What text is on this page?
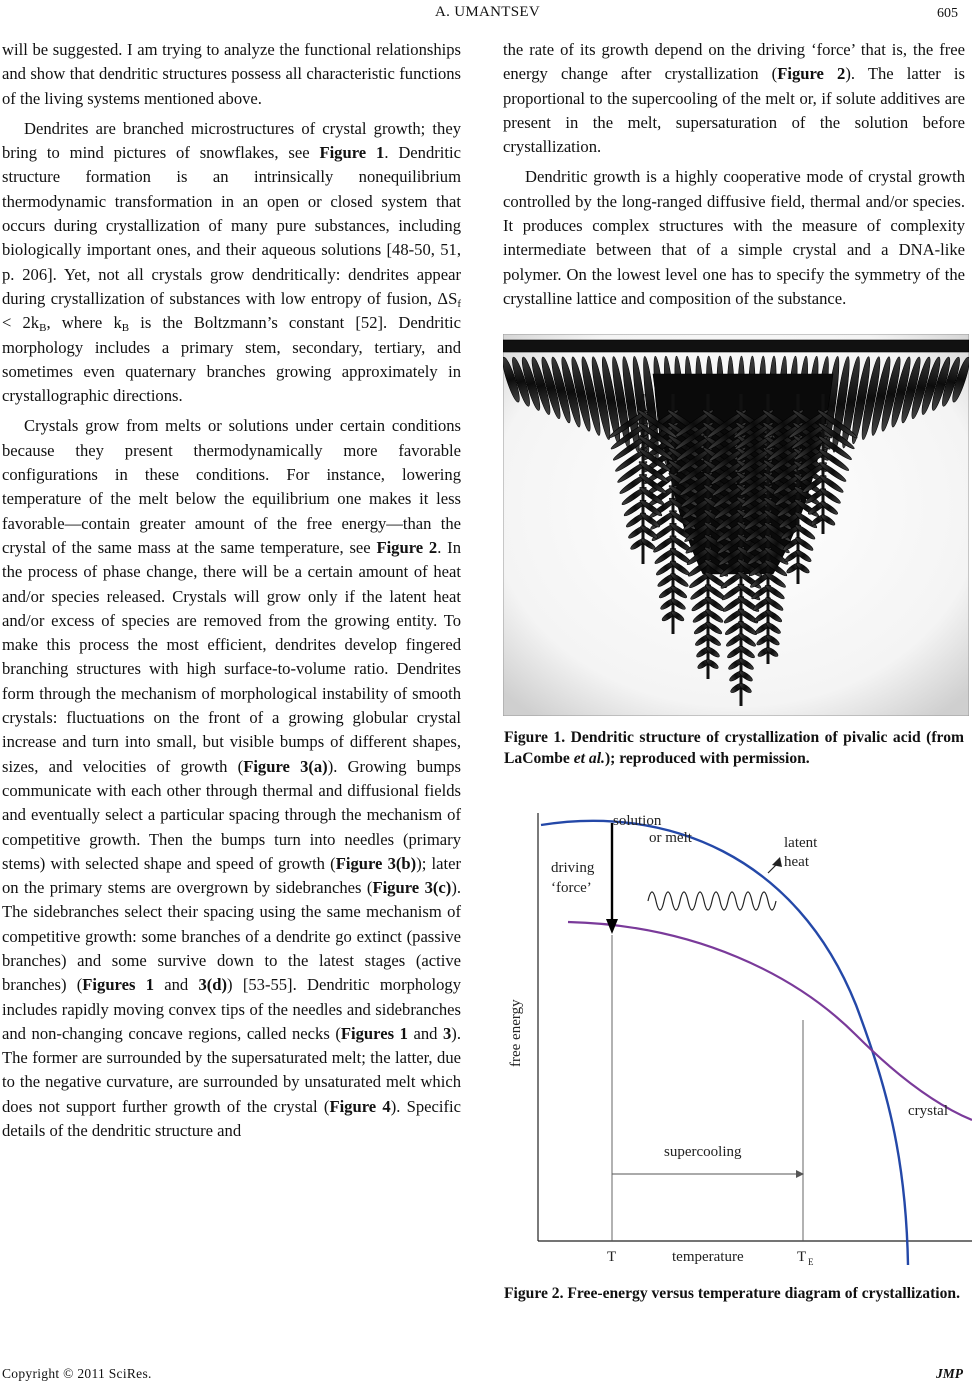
A. UMANTSEV	605

will be suggested. I am trying to analyze the functional relationships and show that dendritic structures possess all characteristic functions of the living systems mentioned above.

Dendrites are branched microstructures of crystal growth; they bring to mind pictures of snowflakes, see Figure 1. Dendritic structure formation is an intrinsically nonequilibrium thermodynamic transformation in an open or closed system that occurs during crystallization of many pure substances, including biologically important ones, and their aqueous solutions [48-50, 51, p. 206]. Yet, not all crystals grow dendritically: dendrites appear during crystallization of substances with low entropy of fusion, $\Delta S_f < 2k_B$, where $k_B$ is the Boltzmann’s constant [52]. Dendritic morphology includes a primary stem, secondary, tertiary, and sometimes even quaternary branches growing approximately in crystallographic directions.

Crystals grow from melts or solutions under certain conditions because they present thermodynamically more favorable configurations in these conditions. For instance, lowering temperature of the melt below the equilibrium one makes it less favorable—contain greater amount of the free energy—than the crystal of the same mass at the same temperature, see Figure 2. In the process of phase change, there will be a certain amount of heat and/or species released. Crystals will grow only if the latent heat and/or excess of species are removed from the growing entity. To make this process the most efficient, dendrites develop fingered branching structures with high surface-to-volume ratio. Dendrites form through the mechanism of morphological instability of smooth crystals: fluctuations on the front of a growing globular crystal increase and turn into small, but visible bumps of different shapes, sizes, and velocities of growth (Figure 3(a)). Growing bumps communicate with each other through thermal and diffusional fields and eventually select a particular spacing through the mechanism of competitive growth. Then the bumps turn into needles (primary stems) with selected shape and speed of growth (Figure 3(b)); later on the primary stems are overgrown by sidebranches (Figure 3(c)). The sidebranches select their spacing using the same mechanism of competitive growth: some branches of a dendrite go extinct (passive branches) and some survive down to the latest stages (active branches) (Figures 1 and 3(d)) [53-55]. Dendritic morphology includes rapidly moving convex tips of the needles and sidebranches and non-changing concave regions, called necks (Figures 1 and 3). The former are surrounded by the supersaturated melt; the latter, due to the negative curvature, are surrounded by unsaturated melt which does not support further growth of the crystal (Figure 4). Specific details of the dendritic structure and

the rate of its growth depend on the driving ‘force’ that is, the free energy change after crystallization (Figure 2). The latter is proportional to the supercooling of the melt or, if solute additives are present in the melt, supersaturation of the solution before crystallization.

Dendritic growth is a highly cooperative mode of crystal growth controlled by the long-ranged diffusive field, thermal and/or species. It produces complex structures with the measure of complexity intermediate between that of a simple crystal and a DNA-like polymer. On the lowest level one has to specify the symmetry of the crystalline lattice and composition of the substance.

Figure 1. Dendritic structure of crystallization of pivalic acid (from LaCombe et al.); reproduced with permission.
solution
or melt	latent
heat
driving
‘force’
free energy
crystal
supercooling
T	temperature	T E
Figure 2. Free-energy versus temperature diagram of crystallization.
Copyright © 2011 SciRes.	JMP
